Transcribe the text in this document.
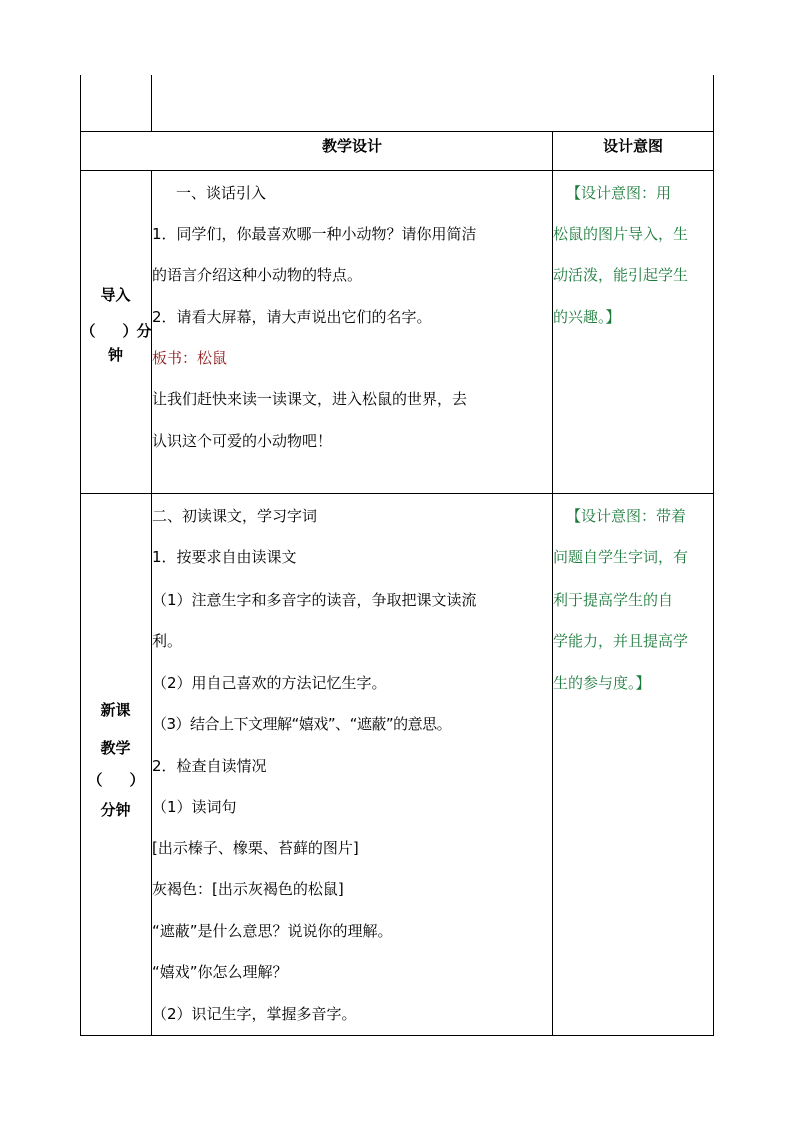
教学设计	设计意图
导入
（　　）分
钟
一、谈话引入
1．同学们，你最喜欢哪一种小动物？请你用简洁
的语言介绍这种小动物的特点。
2．请看大屏幕，请大声说出它们的名字。
板书：松鼠
让我们赶快来读一读课文，进入松鼠的世界，去
认识这个可爱的小动物吧！
【设计意图：用
松鼠的图片导入，生
动活泼，能引起学生
的兴趣。】
新课
教学
（　　）
分钟
二、初读课文，学习字词
1．按要求自由读课文
（1）注意生字和多音字的读音，争取把课文读流
利。
（2）用自己喜欢的方法记忆生字。
（3）结合上下文理解“嬉戏”、“遮蔽”的意思。
2．检查自读情况
（1）读词句
[出示榛子、橡栗、苔藓的图片]
灰褐色：[出示灰褐色的松鼠]
“遮蔽”是什么意思？说说你的理解。
“嬉戏”你怎么理解？
（2）识记生字，掌握多音字。
【设计意图：带着
问题自学生字词，有
利于提高学生的自
学能力，并且提高学
生的参与度。】
